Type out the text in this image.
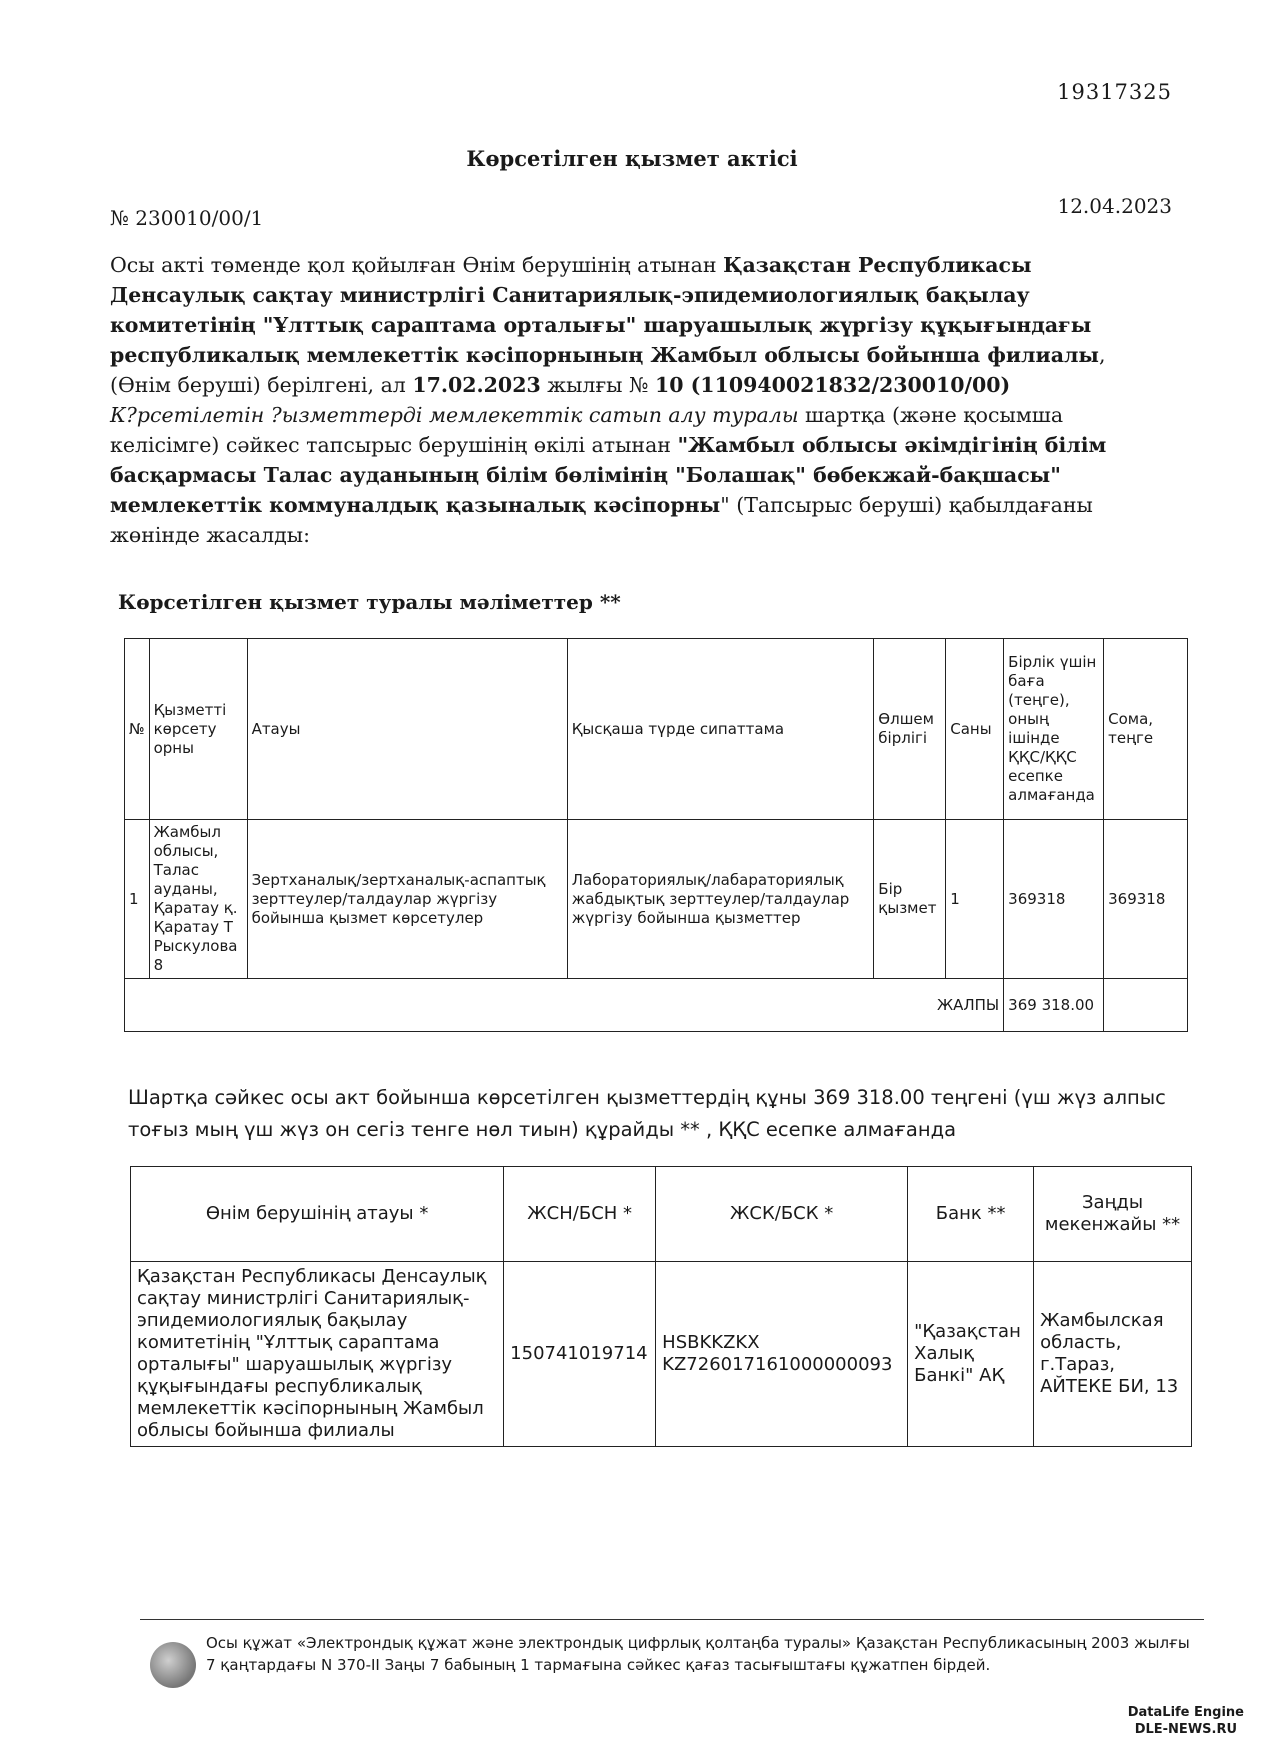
19317325
Көрсетілген қызмет актісі
№ 230010/00/1	12.04.2023
Осы акті төменде қол қойылған Өнім берушінің атынан Қазақстан Республикасы Денсаулық сақтау министрлігі Санитариялық-эпидемиологиялық бақылау комитетінің "Ұлттық сараптама орталығы" шаруашылық жүргізу құқығындағы республикалық мемлекеттік кәсіпорнының Жамбыл облысы бойынша филиалы, (Өнім беруші) берілгені, ал 17.02.2023 жылғы № 10 (110940021832/230010/00)
К?рсетілетін ?ызметтерді мемлекеттік сатып алу туралы шартқа (және қосымша келісімге) сәйкес тапсырыс берушінің өкілі атынан "Жамбыл облысы әкімдігінің білім басқармасы Талас ауданының білім бөлімінің "Болашақ" бөбекжай-бақшасы" мемлекеттік коммуналдық қазыналық кәсіпорны" (Тапсырыс беруші) қабылдағаны жөнінде жасалды:
Көрсетілген қызмет туралы мәліметтер **
№	Қызметті көрсету орны	Атауы	Қысқаша түрде сипаттама	Өлшем бірлігі	Саны	Бірлік үшін баға (теңге), оның ішінде ҚҚС/ҚҚС есепке алмағанда	Сома, теңге
1	Жамбыл облысы, Талас ауданы, Қаратау қ. Қаратау Т Рыскулова 8	Зертханалық/зертханалық-аспаптық зерттеулер/талдаулар жүргізу бойынша қызмет көрсетулер	Лабораториялық/лабараториялық жабдықтық зерттеулер/талдаулар жүргізу бойынша қызметтер	Бір қызмет	1	369318	369318
ЖАЛПЫ						369 318.00	
Шартқа сәйкес осы акт бойынша көрсетілген қызметтердің құны 369 318.00 теңгені (үш жүз алпыс тоғыз мың үш жүз он сегіз тенге нөл тиын) құрайды ** , ҚҚС есепке алмағанда
Өнім берушінің атауы *	ЖСН/БСН *	ЖСК/БСК *	Банк **	Заңды мекенжайы **
Қазақстан Республикасы Денсаулық сақтау министрлігі Санитариялық-эпидемиологиялық бақылау комитетінің "Ұлттық сараптама орталығы" шаруашылық жүргізу құқығындағы республикалық мемлекеттік кәсіпорнының Жамбыл облысы бойынша филиалы	150741019714	HSBKKZKX
KZ726017161000000093	"Қазақстан Халық Банкі" АҚ	Жамбылская область, г.Тараз, АЙТЕКЕ БИ, 13
Осы құжат «Электрондық құжат және электрондық цифрлық қолтаңба туралы» Қазақстан Республикасының 2003 жылғы 7 қаңтардағы N 370-II Заңы 7 бабының 1 тармағына сәйкес қағаз тасығыштағы құжатпен бірдей.
DataLife Engine
DLE-NEWS.RU
